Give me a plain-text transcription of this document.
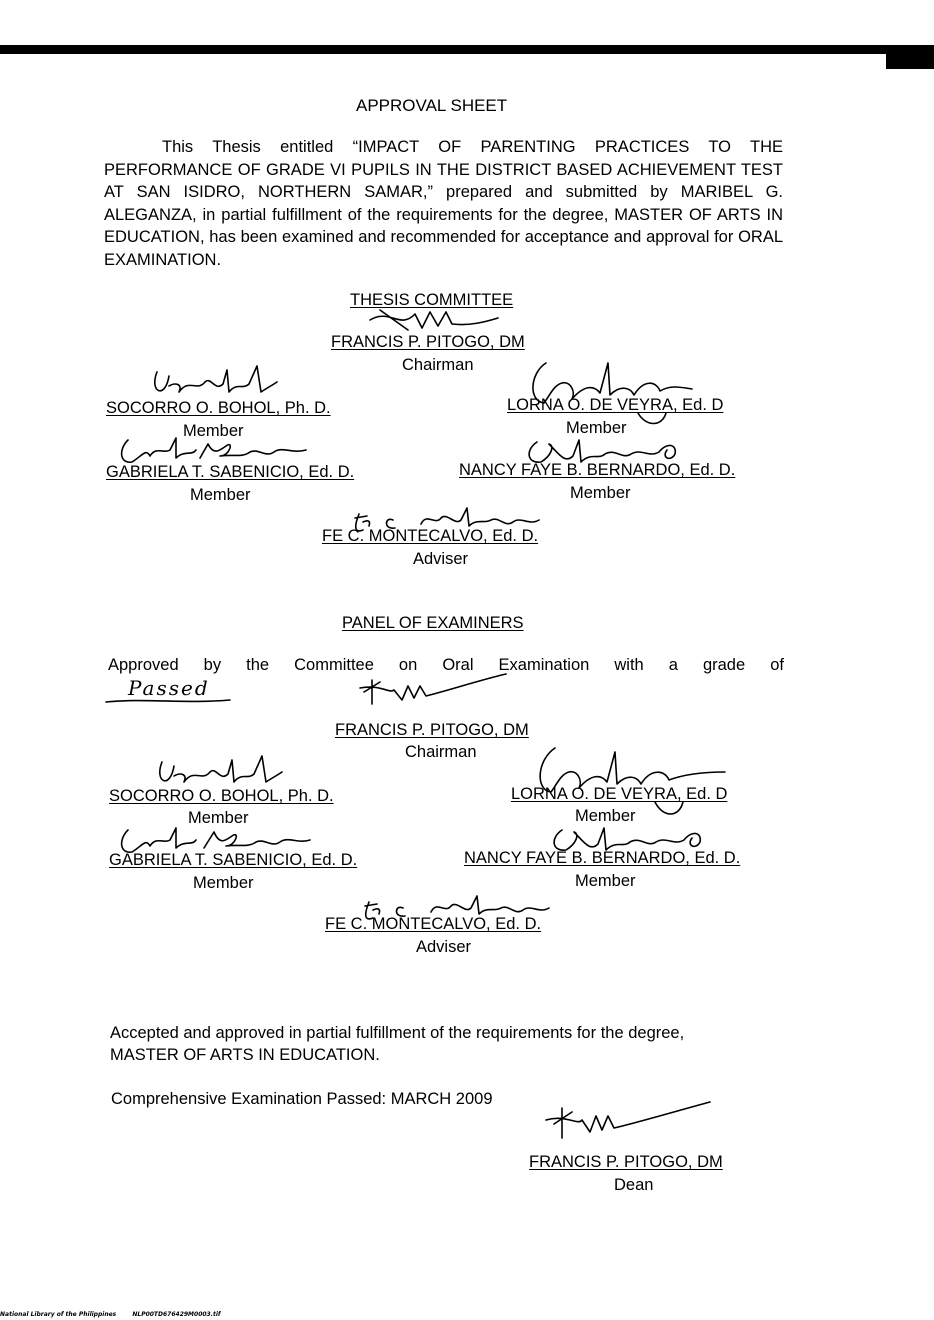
APPROVAL SHEET
This Thesis entitled “IMPACT OF PARENTING PRACTICES TO THE PERFORMANCE OF GRADE VI PUPILS IN THE DISTRICT BASED ACHIEVEMENT TEST AT SAN ISIDRO, NORTHERN SAMAR,” prepared and submitted by MARIBEL G. ALEGANZA, in partial fulfillment of the requirements for the degree, MASTER OF ARTS IN EDUCATION, has been examined and recommended for acceptance and approval for ORAL EXAMINATION.
THESIS COMMITTEE
FRANCIS P. PITOGO, DM
Chairman
SOCORRO O. BOHOL, Ph. D.
Member
LORNA O. DE VEYRA, Ed. D
Member
GABRIELA T. SABENICIO, Ed. D.
Member
NANCY FAYE B. BERNARDO, Ed. D.
Member
FE C. MONTECALVO, Ed. D.
Adviser
PANEL OF EXAMINERS
Approved by the Committee on Oral Examination with a grade of
Passed
FRANCIS P. PITOGO, DM
Chairman
SOCORRO O. BOHOL, Ph. D.
Member
LORNA O. DE VEYRA, Ed. D
Member
GABRIELA T. SABENICIO, Ed. D.
Member
NANCY FAYE B. BERNARDO, Ed. D.
Member
FE C. MONTECALVO, Ed. D.
Adviser
Accepted and approved in partial fulfillment of the requirements for the degree,
MASTER OF ARTS IN EDUCATION.
Comprehensive Examination Passed: MARCH 2009
FRANCIS P. PITOGO, DM
Dean
National Library of the Philippines	NLP00TD676429M0003.tif
